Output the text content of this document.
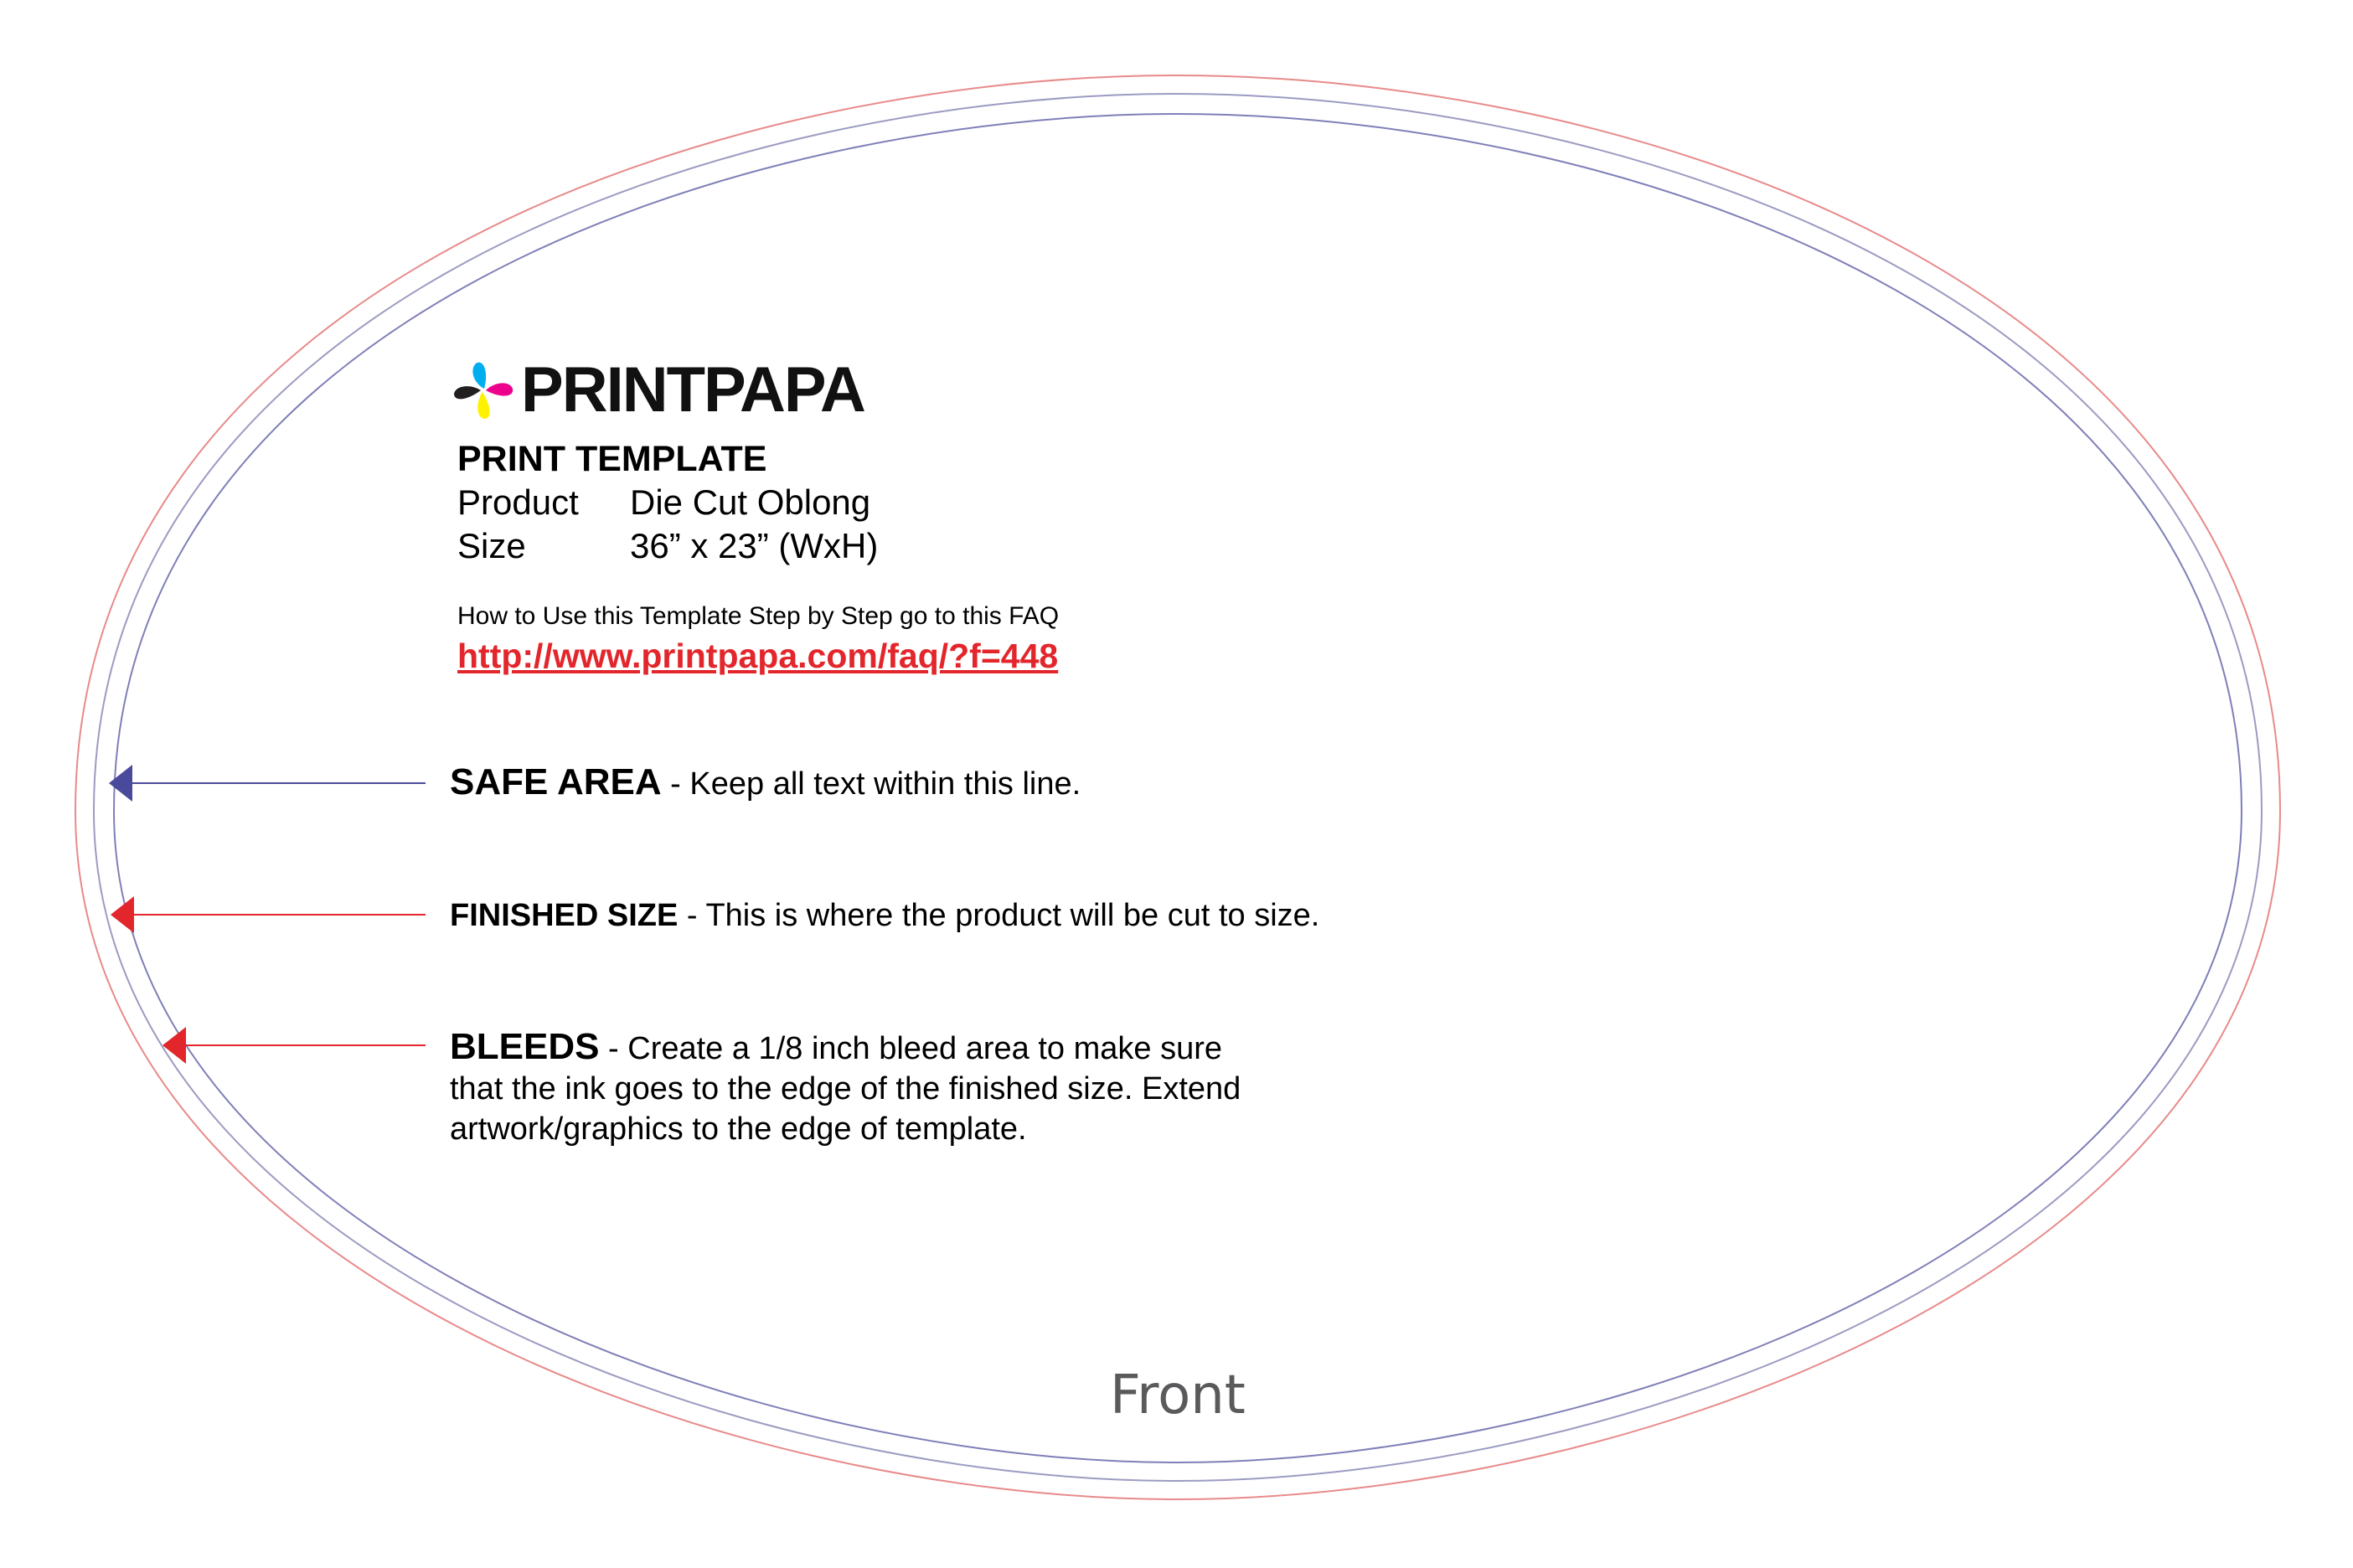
PRINTPAPA
PRINT TEMPLATE
Product Die Cut Oblong
Size	36” x 23” (WxH)
How to Use this Template Step by Step go to this FAQ
http://www.printpapa.com/faq/?f=448
SAFE AREA - Keep all text within this line.
FINISHED SIZE - This is where the product will be cut to size.
BLEEDS - Create a 1/8 inch bleed area to make sure that the ink goes to the edge of the finished size. Extend artwork/graphics to the edge of template.
Front
